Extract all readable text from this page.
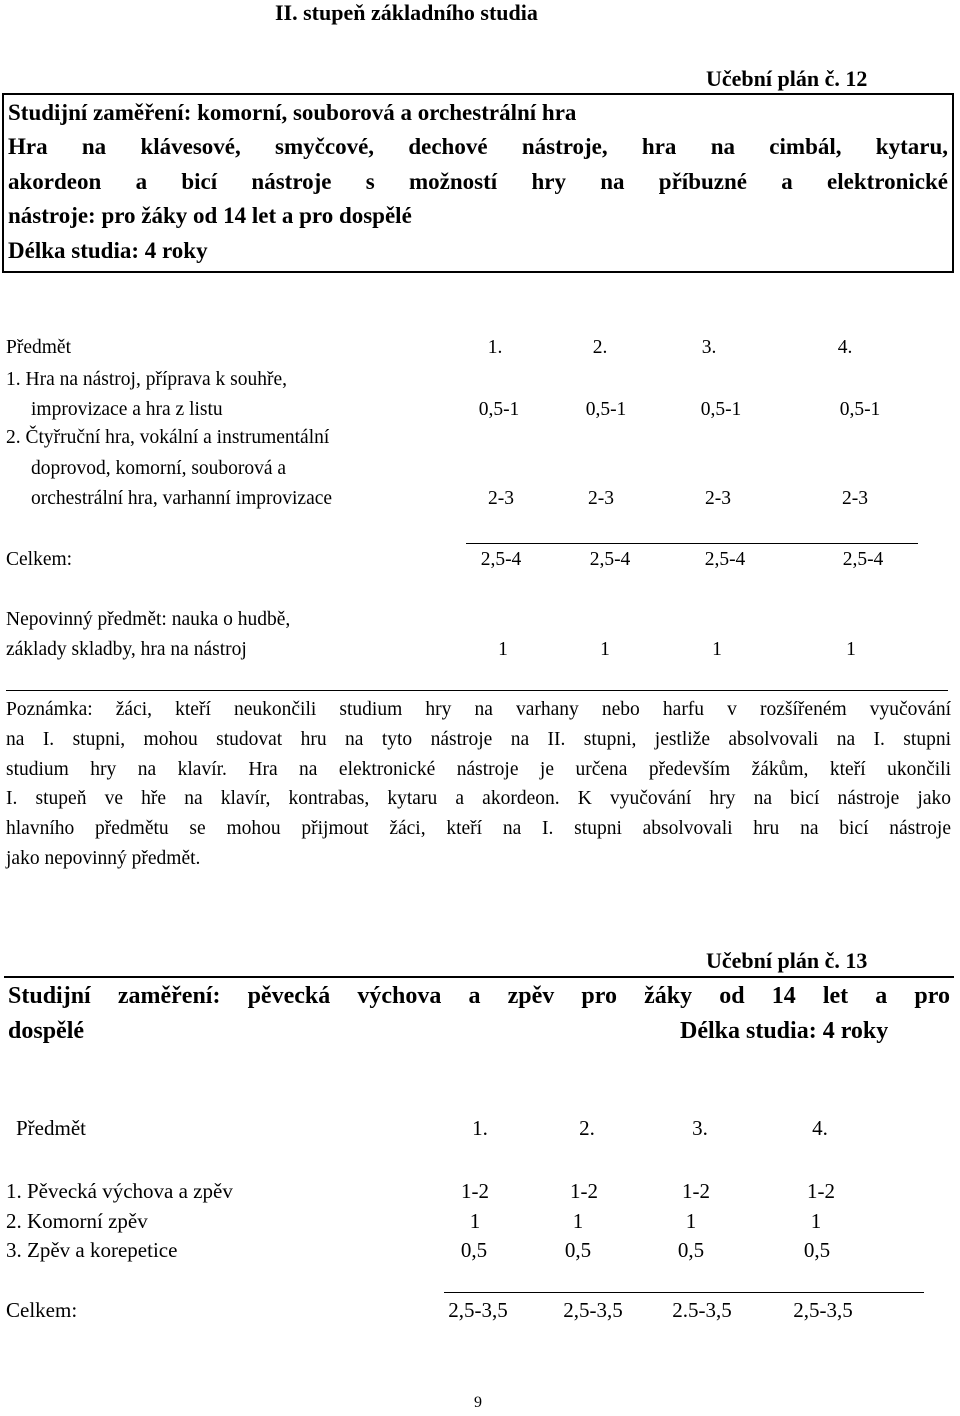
II. stupeň základního studia
Učební plán č. 12
Studijní zaměření: komorní, souborová a orchestrální hra
Hra na klávesové, smyčcové, dechové nástroje, hra na cimbál, kytaru,
akordeon a bicí nástroje s možností hry na příbuzné a elektronické
nástroje: pro žáky od 14 let a pro dospělé
Délka studia: 4 roky
Předmět	1.	2.	3.	4.
1. Hra na nástroj, příprava k souhře,
improvizace a hra z listu	0,5-1	0,5-1	0,5-1	0,5-1
2. Čtyřruční hra, vokální a instrumentální
doprovod, komorní, souborová a
orchestrální hra, varhanní improvizace	2-3	2-3	2-3	2-3
Celkem:	2,5-4	2,5-4	2,5-4	2,5-4
Nepovinný předmět: nauka o hudbě,
základy skladby, hra na nástroj	1	1	1	1
Poznámka: žáci, kteří neukončili studium hry na varhany nebo harfu v rozšířeném vyučování
na I. stupni, mohou studovat hru na tyto nástroje na II. stupni, jestliže absolvovali na I. stupni
studium hry na klavír. Hra na elektronické nástroje je určena především žákům, kteří ukončili
I. stupeň ve hře na klavír, kontrabas, kytaru a akordeon. K vyučování hry na bicí nástroje jako
hlavního předmětu se mohou přijmout žáci, kteří na I. stupni absolvovali hru na bicí nástroje
jako nepovinný předmět.
Učební plán č. 13
Studijní zaměření: pěvecká výchova a zpěv pro žáky od 14 let a pro
dospělé	Délka studia: 4 roky
Předmět	1.	2.	3.	4.
1. Pěvecká výchova a zpěv	1-2	1-2	1-2	1-2
2. Komorní zpěv	1	1	1	1
3. Zpěv a korepetice	0,5	0,5	0,5	0,5
Celkem:	2,5-3,5	2,5-3,5	2.5-3,5	2,5-3,5
9
